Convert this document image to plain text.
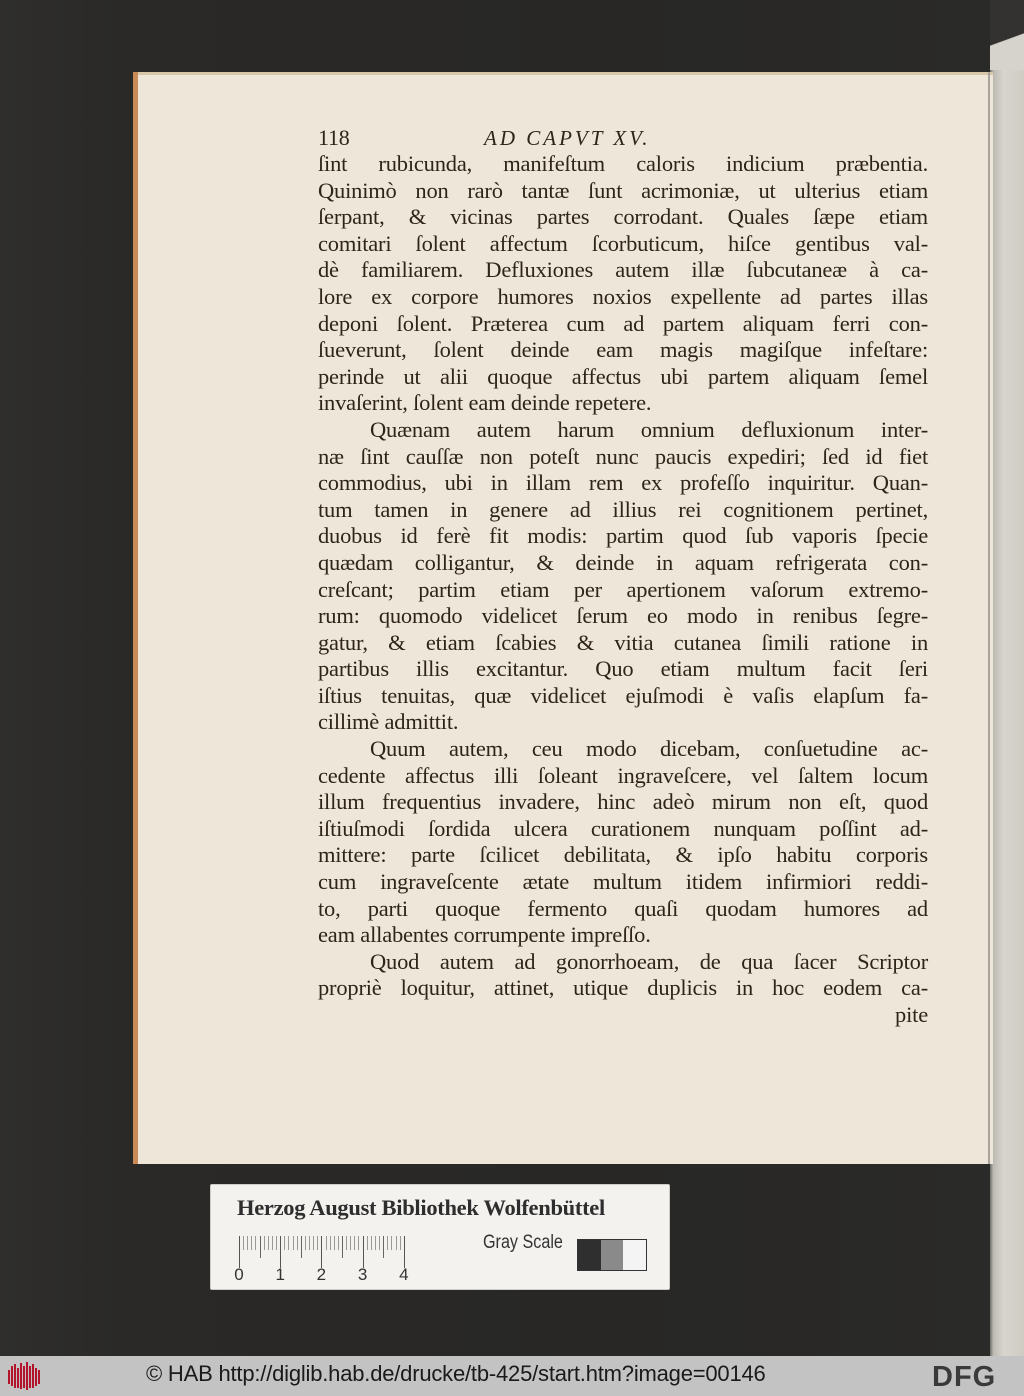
118	AD CAPVT XV.
ſint rubicunda, manifeſtum caloris indicium præbentia.
Quinimò non rarò tantæ ſunt acrimoniæ, ut ulterius etiam
ſerpant, & vicinas partes corrodant. Quales ſæpe etiam
comitari ſolent affectum ſcorbuticum, hiſce gentibus val-
dè familiarem. Defluxiones autem illæ ſubcutaneæ à ca-
lore ex corpore humores noxios expellente ad partes illas
deponi ſolent. Præterea cum ad partem aliquam ferri con-
ſueverunt, ſolent deinde eam magis magiſque infeſtare:
perinde ut alii quoque affectus ubi partem aliquam ſemel
invaſerint, ſolent eam deinde repetere.
Quænam autem harum omnium defluxionum inter-
næ ſint cauſſæ non poteſt nunc paucis expediri; ſed id fiet
commodius, ubi in illam rem ex profeſſo inquiritur. Quan-
tum tamen in genere ad illius rei cognitionem pertinet,
duobus id ferè fit modis: partim quod ſub vaporis ſpecie
quædam colligantur, & deinde in aquam refrigerata con-
creſcant; partim etiam per apertionem vaſorum extremo-
rum: quomodo videlicet ſerum eo modo in renibus ſegre-
gatur, & etiam ſcabies & vitia cutanea ſimili ratione in
partibus illis excitantur. Quo etiam multum facit ſeri
iſtius tenuitas, quæ videlicet ejuſmodi è vaſis elapſum fa-
cillimè admittit.
Quum autem, ceu modo dicebam, conſuetudine ac-
cedente affectus illi ſoleant ingraveſcere, vel ſaltem locum
illum frequentius invadere, hinc adeò mirum non eſt, quod
iſtiuſmodi ſordida ulcera curationem nunquam poſſint ad-
mittere: parte ſcilicet debilitata, & ipſo habitu corporis
cum ingraveſcente ætate multum itidem infirmiori reddi-
to, parti quoque fermento quaſi quodam humores ad
eam allabentes corrumpente impreſſo.
Quod autem ad gonorrhoeam, de qua ſacer Scriptor
propriè loquitur, attinet, utique duplicis in hoc eodem ca-
pite
Herzog August Bibliothek Wolfenbüttel
0 1 2 3 4
Gray Scale
© HAB http://diglib.hab.de/drucke/tb-425/start.htm?image=00146	DFG
